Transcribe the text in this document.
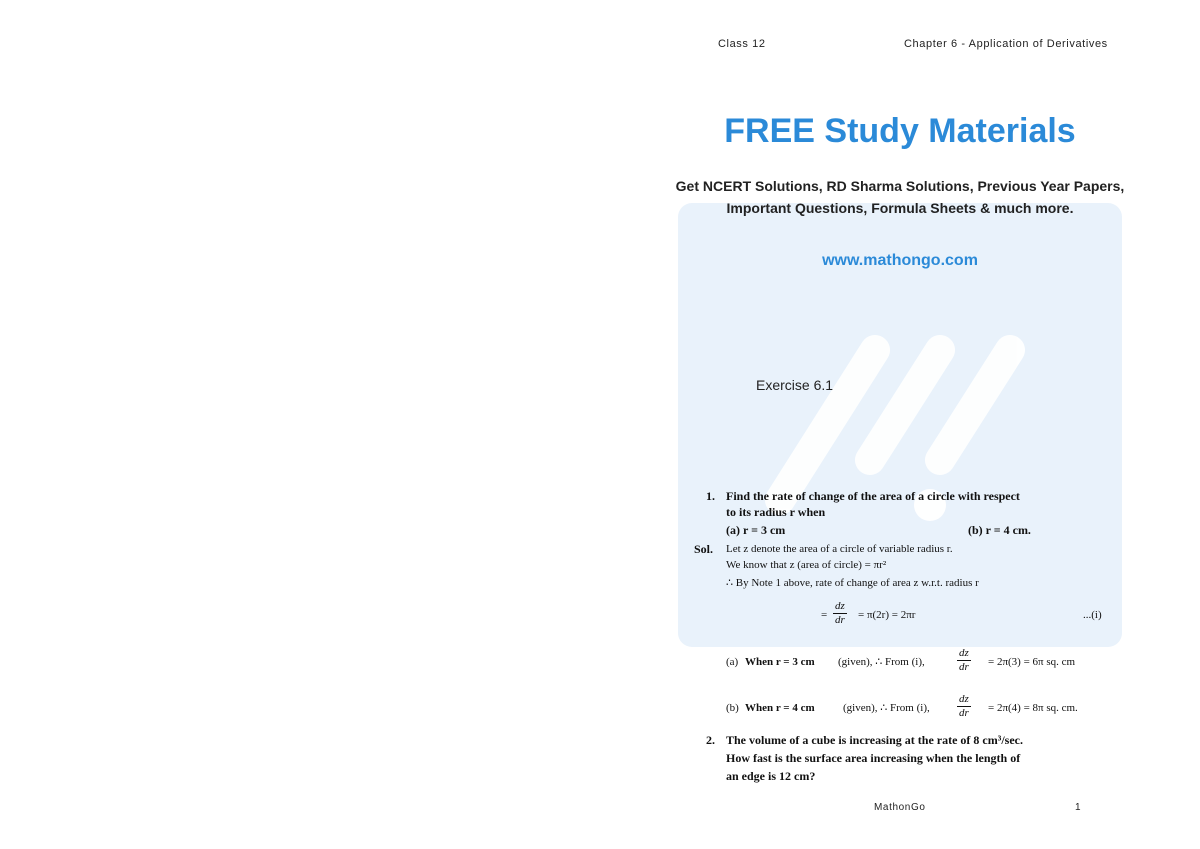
Class 12	Chapter 6 - Application of Derivatives
FREE Study Materials
Get NCERT Solutions, RD Sharma Solutions, Previous Year Papers,
Important Questions, Formula Sheets & much more.
www.mathongo.com
Exercise 6.1
1. Find the rate of change of the area of a circle with respect
to its radius r when
(a) r = 3 cm	(b) r = 4 cm.
Sol. Let z denote the area of a circle of variable radius r.
We know that z (area of circle) = πr²
∴ By Note 1 above, rate of change of area z w.r.t. radius r
= $\frac{dz}{dr} = \pi(2r) = 2\pi r$	...(i)
(a) When r = 3 cm (given), ∴ From (i),	$\frac{dz}{dr} = 2\pi(3) = 6\pi$ sq. cm
(b) When r = 4 cm	(given), ∴ From (i), $\frac{dz}{dr} = 2\pi(4) = 8\pi$ sq. cm.
2. The volume of a cube is increasing at the rate of 8 cm³/sec.
How fast is the surface area increasing when the length of
an edge is 12 cm?
MathonGo	1
